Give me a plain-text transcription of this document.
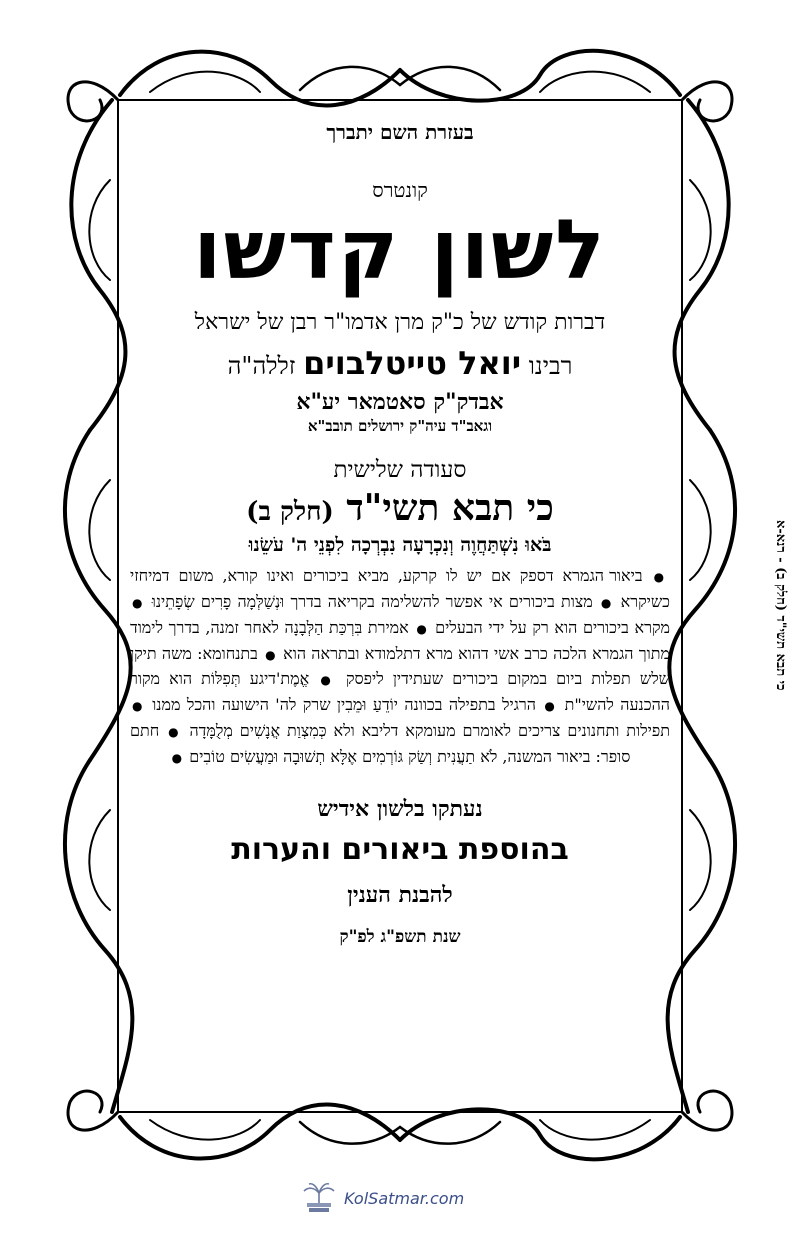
בעזרת השם יתברך

קונטרס

לשון קדשו

דברות קודש של כ"ק מרן אדמו"ר רבן של ישראל

רבינו יואל טייטלבוים זללה"ה

אבדק"ק סאטמאר יע"א

וגאב"ד עיה"ק ירושלים תובב"א

סעודה שלישית

כי תבא תשי"ד (חלק ב)

בֹּאוּ נִשְׁתַּחֲוֶה וְנִכְרָעָה נִבְרְכָה לִפְנֵי ה' עֹשֵׂנוּ

● ביאור הגמרא דספק אם יש לו קרקע, מביא ביכורים ואינו קורא, משום דמיחזי כשיקרא ● מצות ביכורים אי אפשר להשלימה בקריאה בדרך וּנְשַׁלְּמָה פָרִים שְׂפָתֵינוּ ● מקרא ביכורים הוא רק על ידי הבעלים ● אמירת בִּרְכַּת הַלְּבָנָה לאחר זמנה, בדרך לימוד מתוך הגמרא הלכה כרב אשי דהוא מרא דתלמודא ובתראה הוא ● בתנחומא: משה תיקן שלש תפלות ביום במקום ביכורים שעתידין ליפסק ● אֱמֶת'דיגע תְּפִלּוֹת הוא מקור ההכנעה להשי"ת ● הרגיל בתפילה בכוונה יוֹדֵעַ וּמֵבִין שרק לה' הישועה והכל ממנו ● תפילות ותחנונים צריכים לאומרם מעומקא דליבא ולא כְּמִצְוַת אֲנָשִׁים מְלֻמָּדָה ● חתם סופר: ביאור המשנה, לֹא תַעֲנִית וְשַׂק גּוֹרְמִים אֶלָּא תְשׁוּבָה וּמַעֲשִׂים טוֹבִים ●

נעתקו בלשון אידיש

בהוספת ביאורים והערות

להבנת הענין

שנת תשפ"ג לפ"ק

כי תבא תשי"ד (חלק ב) - רנא-א
KolSatmar.com
